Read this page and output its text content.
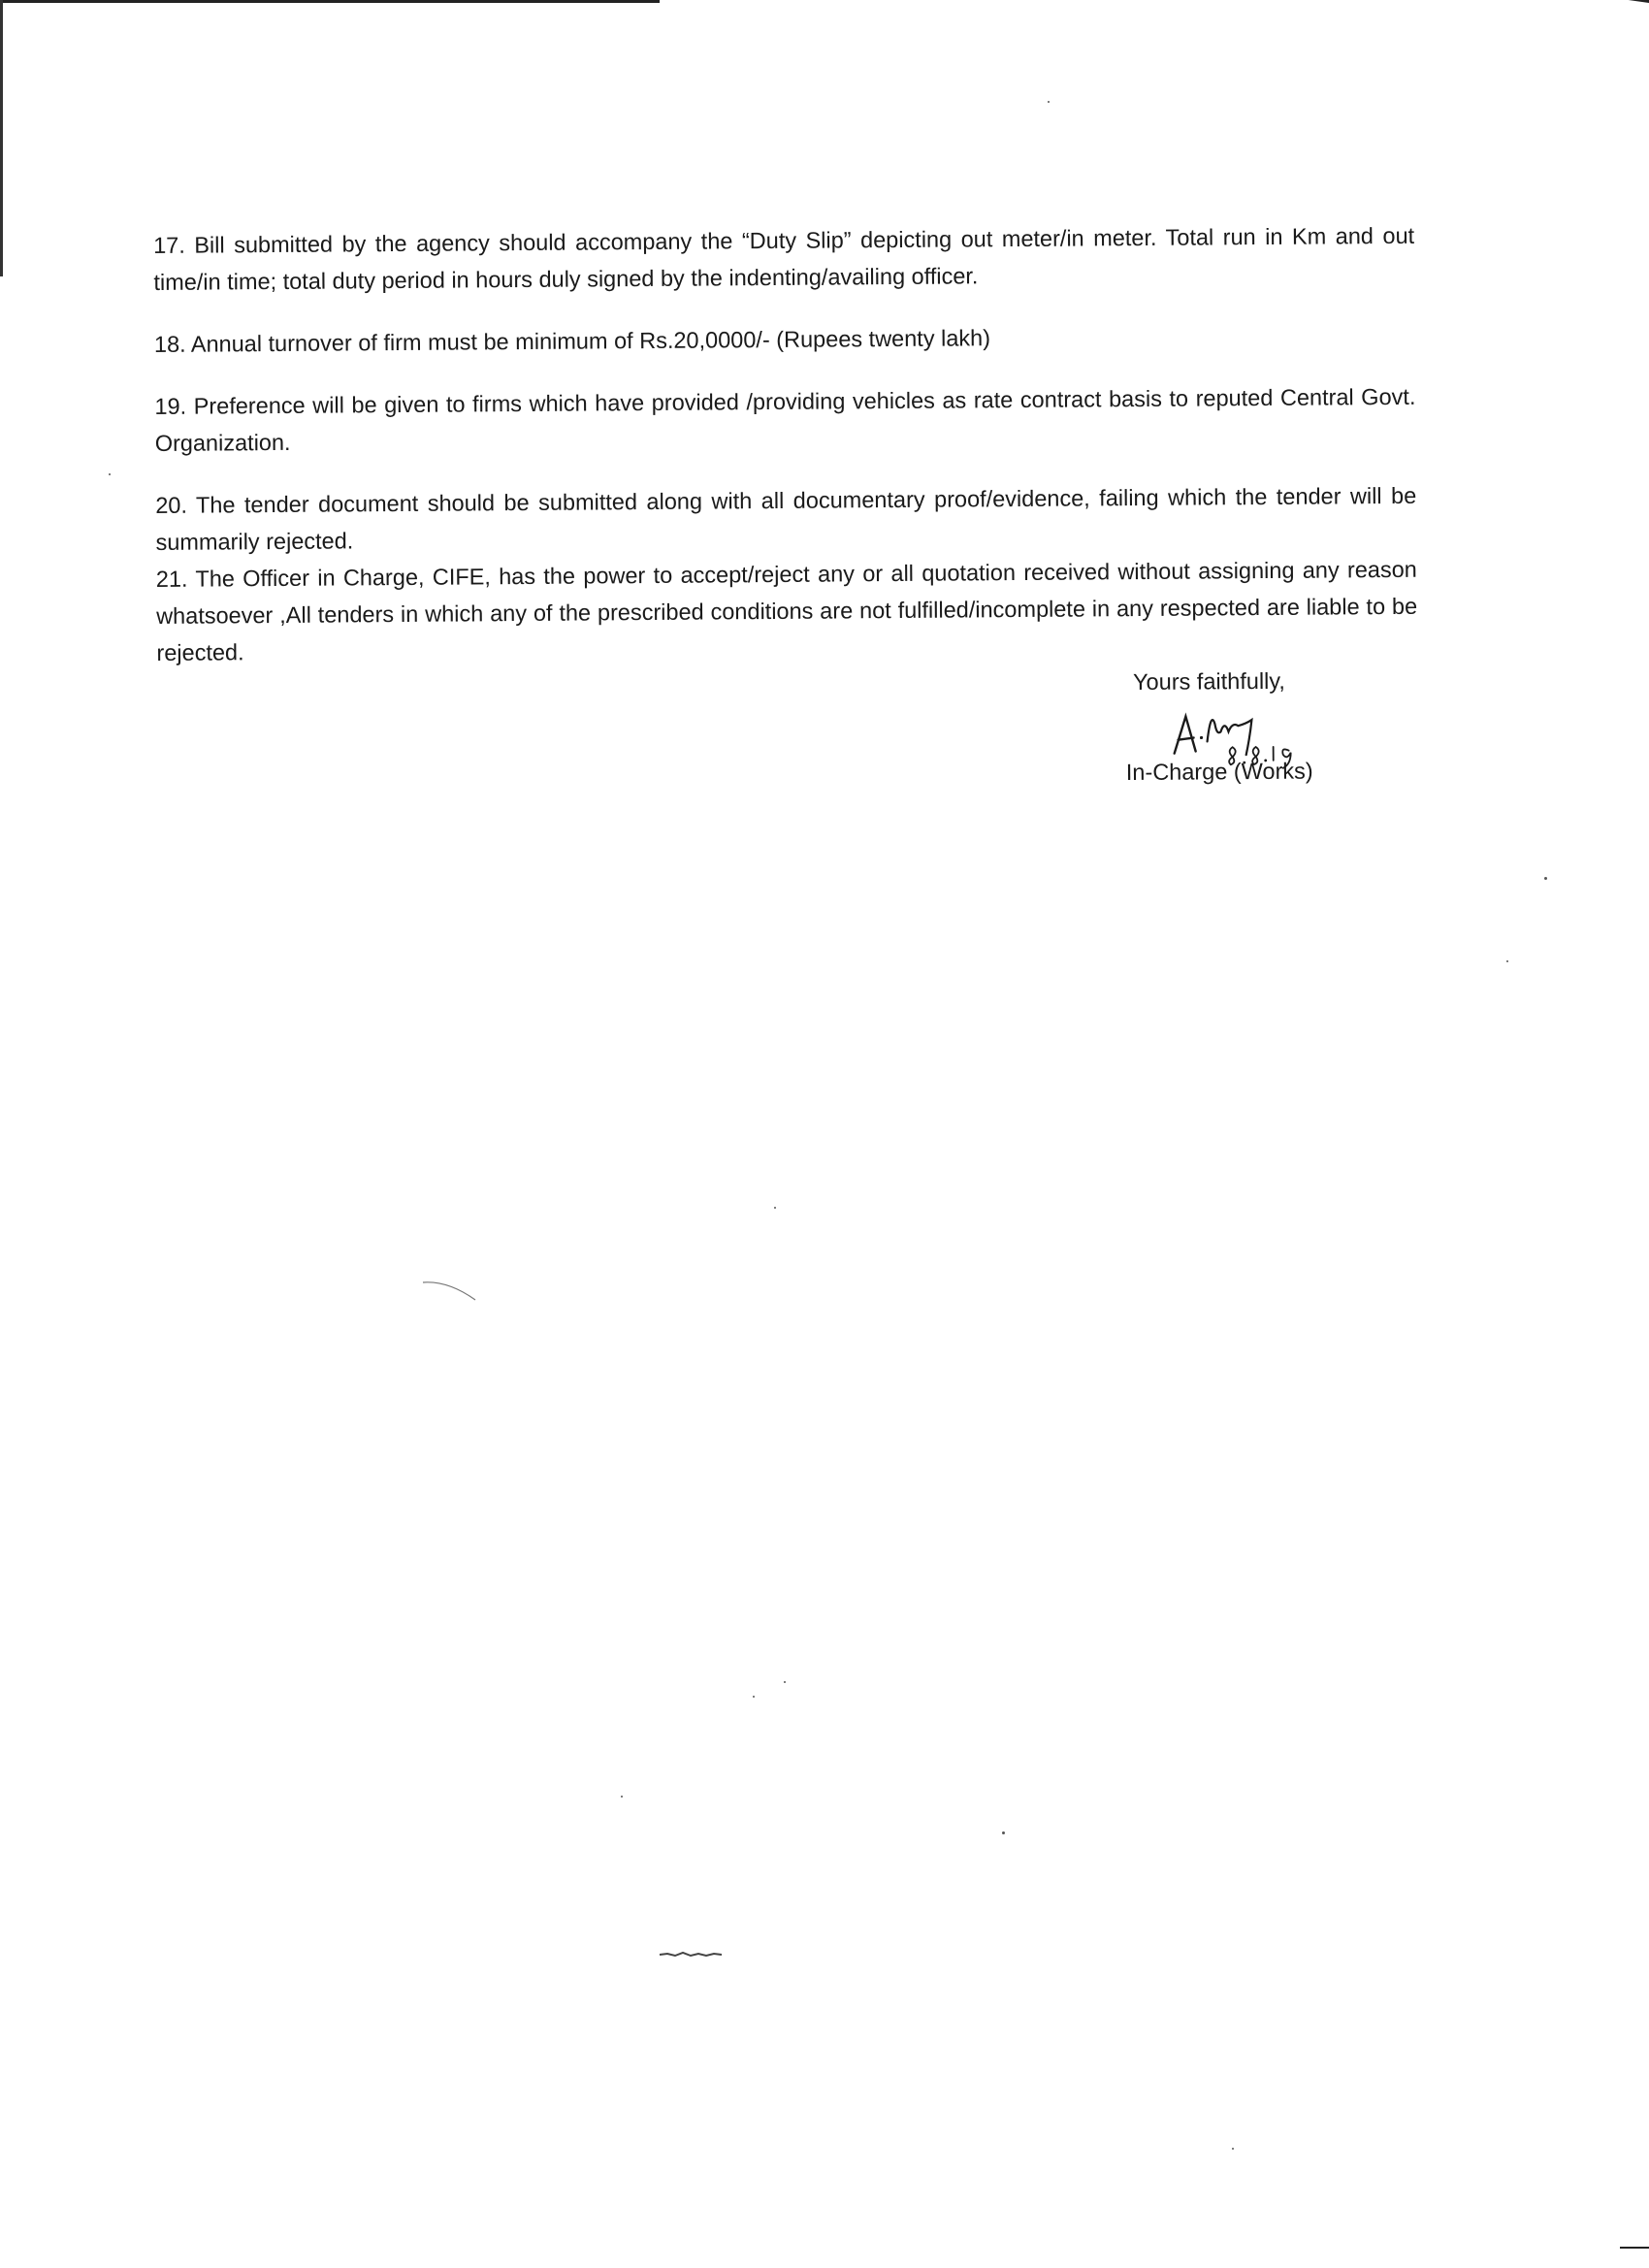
17. Bill submitted by the agency should accompany the “Duty Slip” depicting out meter/in meter. Total run in Km and out time/in time; total duty period in hours duly signed by the indenting/availing officer.

18. Annual turnover of firm must be minimum of Rs.20,0000/- (Rupees twenty lakh)

19. Preference will be given to firms which have provided /providing vehicles as rate contract basis to reputed Central Govt. Organization.

20. The tender document should be submitted along with all documentary proof/evidence, failing which the tender will be summarily rejected.

21. The Officer in Charge, CIFE, has the power to accept/reject any or all quotation received without assigning any reason whatsoever ,All tenders in which any of the prescribed conditions are not fulfilled/incomplete in any respected are liable to be rejected.

Yours faithfully,

In-Charge (Works)
